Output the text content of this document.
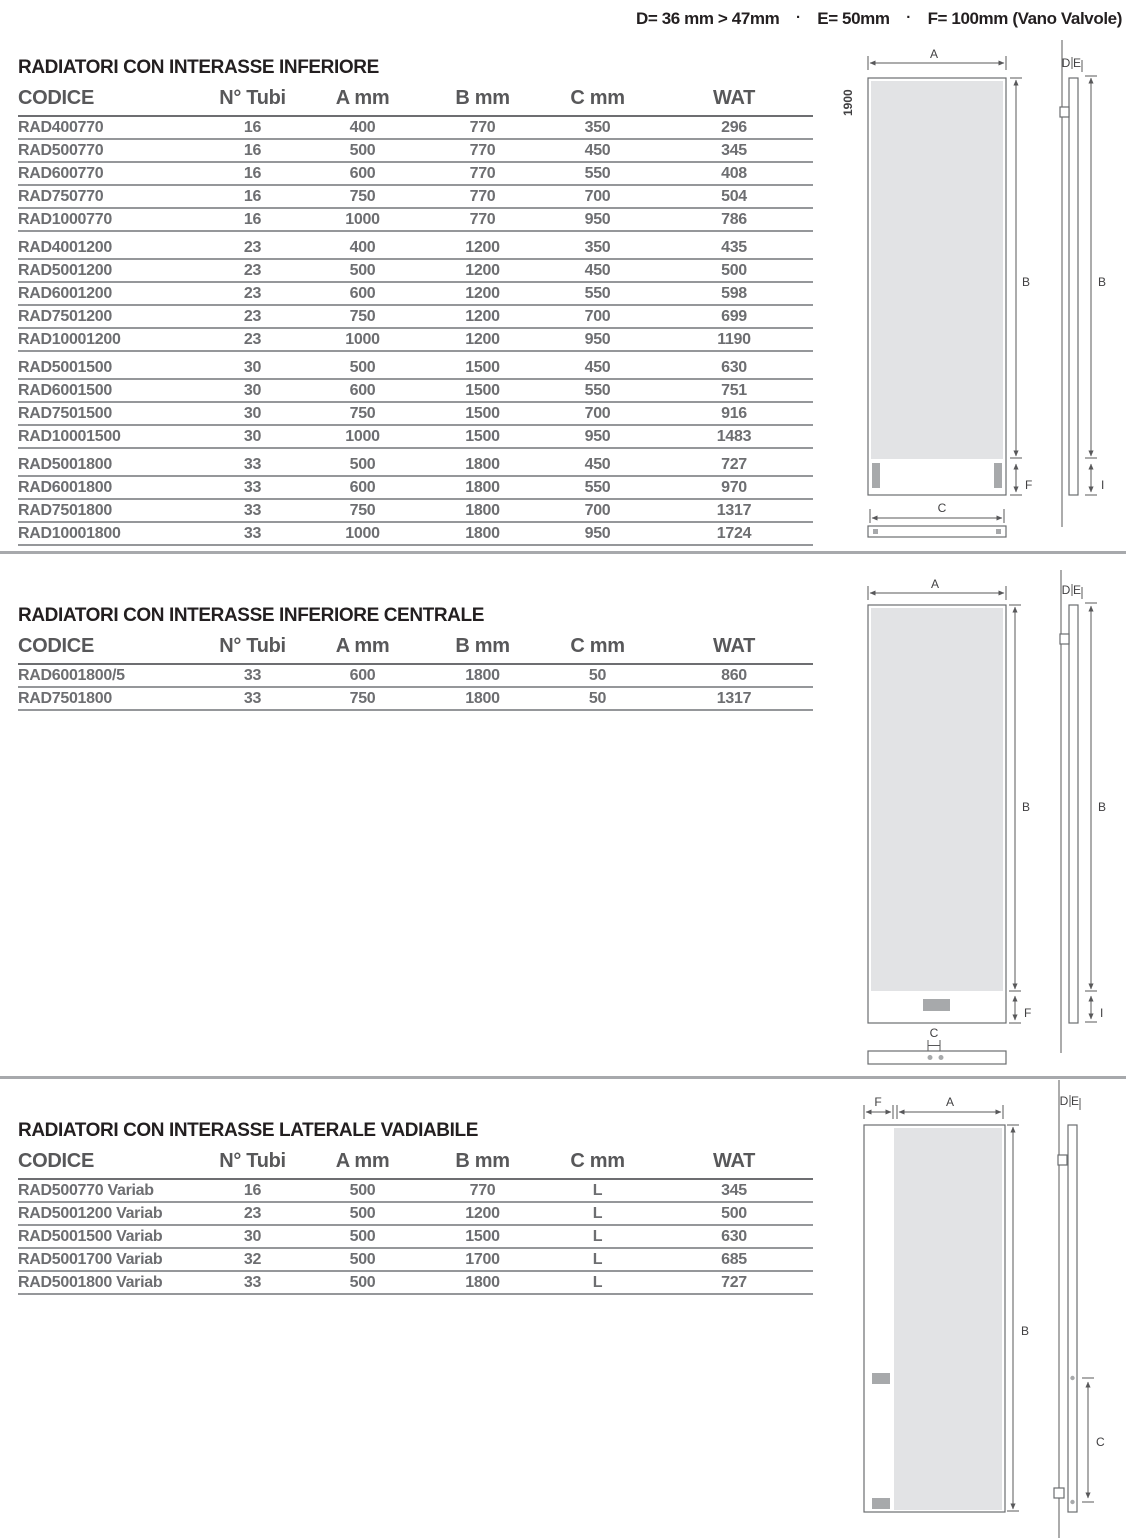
D= 36 mm > 47mm · E= 50mm · F= 100mm (Vano Valvole)
RADIATORI CON INTERASSE INFERIORE
CODICE	N° Tubi	A mm	B mm	C mm	WAT
RAD400770	16	400	770	350	296
RAD500770	16	500	770	450	345
RAD600770	16	600	770	550	408
RAD750770	16	750	770	700	504
RAD1000770	16	1000	770	950	786
RAD4001200	23	400	1200	350	435
RAD5001200	23	500	1200	450	500
RAD6001200	23	600	1200	550	598
RAD7501200	23	750	1200	700	699
RAD10001200	23	1000	1200	950	1190
RAD5001500	30	500	1500	450	630
RAD6001500	30	600	1500	550	751
RAD7501500	30	750	1500	700	916
RAD10001500	30	1000	1500	950	1483
RAD5001800	33	500	1800	450	727
RAD6001800	33	600	1800	550	970
RAD7501800	33	750	1800	700	1317
RAD10001800	33	1000	1800	950	1724
RADIATORI CON INTERASSE INFERIORE CENTRALE
CODICE	N° Tubi	A mm	B mm	C mm	WAT
RAD6001800/5	33	600	1800	50	860
RAD7501800	33	750	1800	50	1317
RADIATORI CON INTERASSE LATERALE VADIABILE
CODICE	N° Tubi	A mm	B mm	C mm	WAT
RAD500770 Variab	16	500	770	L	345
RAD5001200 Variab	23	500	1200	L	500
RAD5001500 Variab	30	500	1500	L	630
RAD5001700 Variab	32	500	1700	L	685
RAD5001800 Variab	33	500	1800	L	727
1900
A
B
F
C
D E
B
I
A
B
F
C
D E
B
I
F	A
B
D E
C
